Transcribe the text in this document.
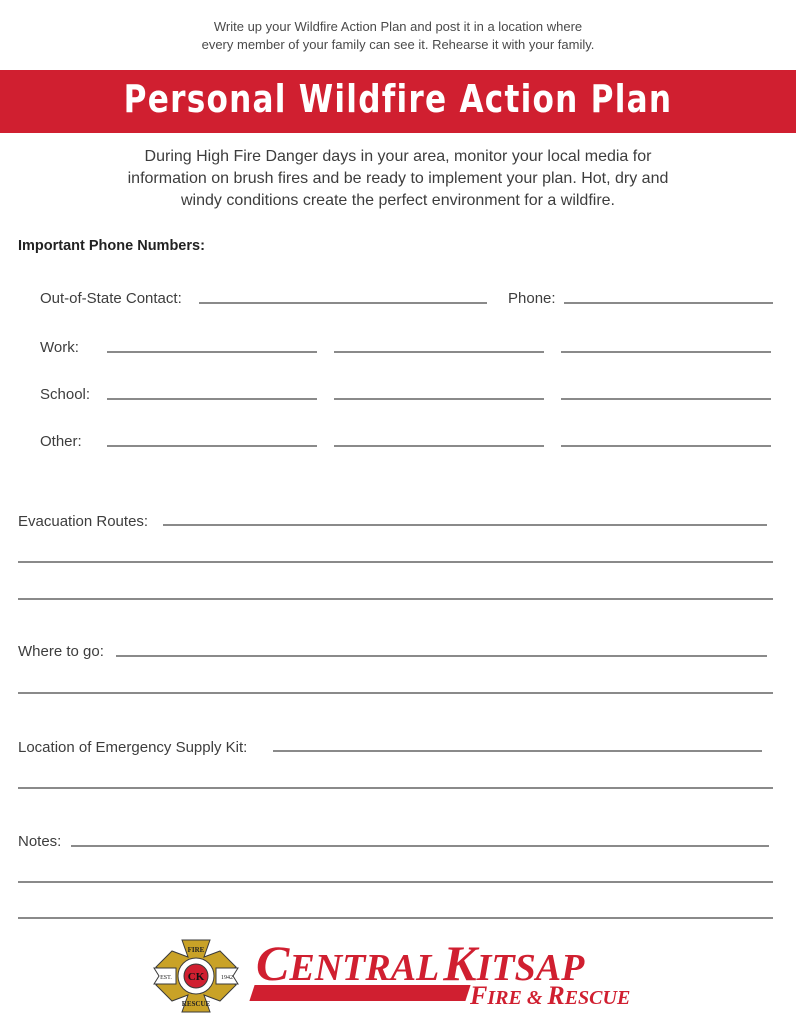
Write up your Wildfire Action Plan and post it in a location where
every member of your family can see it. Rehearse it with your family.
Personal Wildfire Action Plan
During High Fire Danger days in your area, monitor your local media for
information on brush fires and be ready to implement your plan. Hot, dry and
windy conditions create the perfect environment for a wildfire.
Important Phone Numbers:
Out-of-State Contact:	Phone:
Work:
School:
Other:
Evacuation Routes:
Where to go:
Location of Emergency Supply Kit:
Notes:
EST.	1942
CK
FIRE
RESCUE
CENTRAL KITSAP
FIRE & RESCUE
